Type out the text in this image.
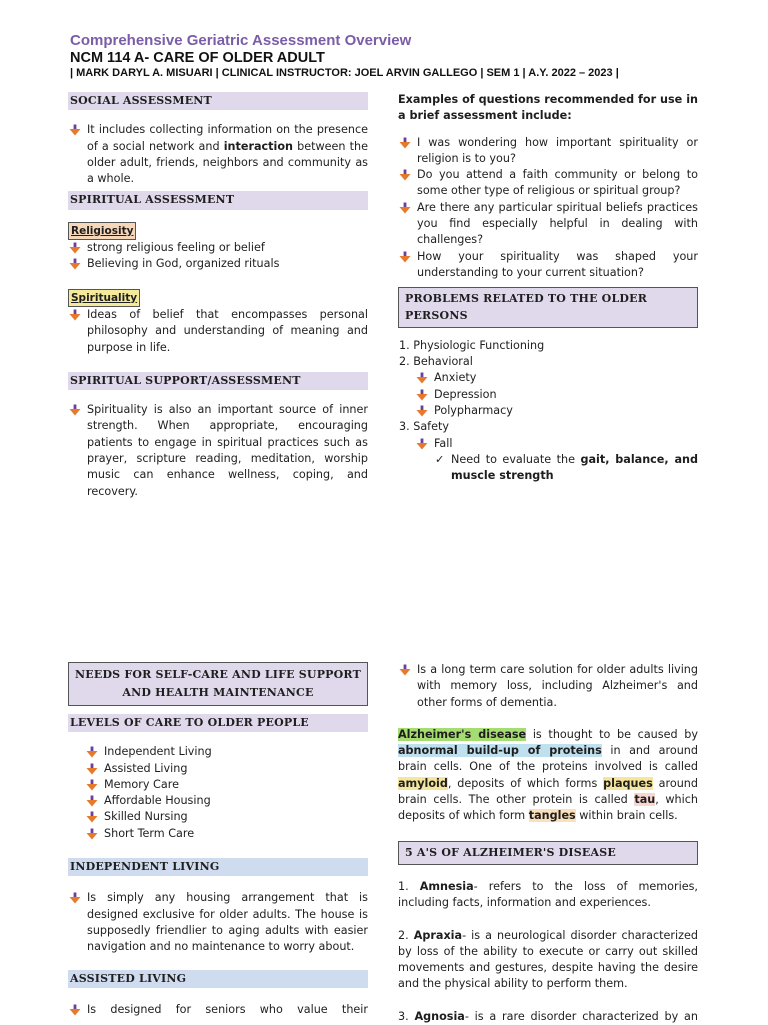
Comprehensive Geriatric Assessment Overview
NCM 114 A- CARE OF OLDER ADULT
| MARK DARYL A. MISUARI | CLINICAL INSTRUCTOR: JOEL ARVIN GALLEGO | SEM 1 | A.Y. 2022 – 2023 |
SOCIAL ASSESSMENT

It includes collecting information on the presence of a social network and interaction between the older adult, friends, neighbors and community as a whole.

SPIRITUAL ASSESSMENT
Religiosity

strong religious feeling or belief

Believing in God, organized rituals

Spirituality

Ideas of belief that encompasses personal philosophy and understanding of meaning and purpose in life.

SPIRITUAL SUPPORT/ASSESSMENT

Spirituality is also an important source of inner strength. When appropriate, encouraging patients to engage in spiritual practices such as prayer, scripture reading, meditation, worship music can enhance wellness, coping, and recovery.

Examples of questions recommended for use in a brief assessment include:

I was wondering how important spirituality or religion is to you?

Do you attend a faith community or belong to some other type of religious or spiritual group?

Are there any particular spiritual beliefs practices you find especially helpful in dealing with challenges?

How your spirituality was shaped your understanding to your current situation?

PROBLEMS RELATED TO THE OLDER PERSONS

1. Physiologic Functioning

2. Behavioral

Anxiety

Depression

Polypharmacy

3. Safety

Fall

✓ Need to evaluate the gait, balance, and muscle strength

NEEDS FOR SELF-CARE AND LIFE SUPPORT AND HEALTH MAINTENANCE
LEVELS OF CARE TO OLDER PEOPLE

Independent Living

Assisted Living

Memory Care

Affordable Housing

Skilled Nursing

Short Term Care

INDEPENDENT LIVING

Is simply any housing arrangement that is designed exclusive for older adults. The house is supposedly friendlier to aging adults with easier navigation and no maintenance to worry about.

ASSISTED LIVING

Is designed for seniors who value their

Is a long term care solution for older adults living with memory loss, including Alzheimer's and other forms of dementia.

Alzheimer's disease is thought to be caused by abnormal build-up of proteins in and around brain cells. One of the proteins involved is called amyloid, deposits of which forms plaques around brain cells. The other protein is called tau, which deposits of which form tangles within brain cells.

5 A'S OF ALZHEIMER'S DISEASE

1. Amnesia- refers to the loss of memories, including facts, information and experiences.

2. Apraxia- is a neurological disorder characterized by loss of the ability to execute or carry out skilled movements and gestures, despite having the desire and the physical ability to perform them.

3. Agnosia- is a rare disorder characterized by an
